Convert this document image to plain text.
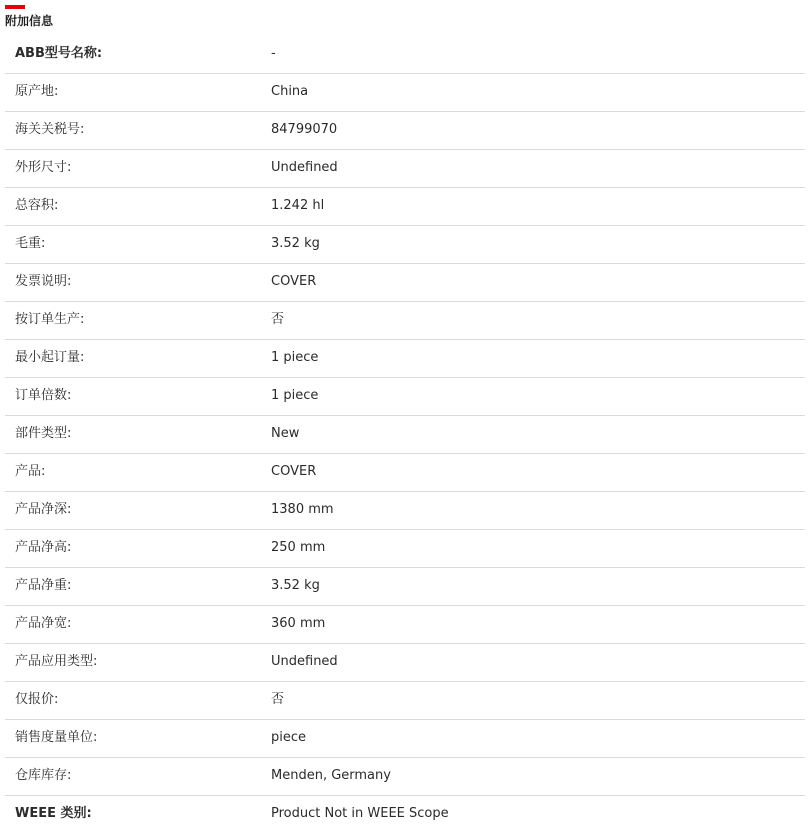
附加信息
ABB型号名称:	-
原产地:	China
海关关税号:	84799070
外形尺寸:	Undefined
总容积:	1.242 hl
毛重:	3.52 kg
发票说明:	COVER
按订单生产:	否
最小起订量:	1 piece
订单倍数:	1 piece
部件类型:	New
产品:	COVER
产品净深:	1380 mm
产品净高:	250 mm
产品净重:	3.52 kg
产品净宽:	360 mm
产品应用类型:	Undefined
仅报价:	否
销售度量单位:	piece
仓库库存:	Menden, Germany
WEEE 类别:	Product Not in WEEE Scope
